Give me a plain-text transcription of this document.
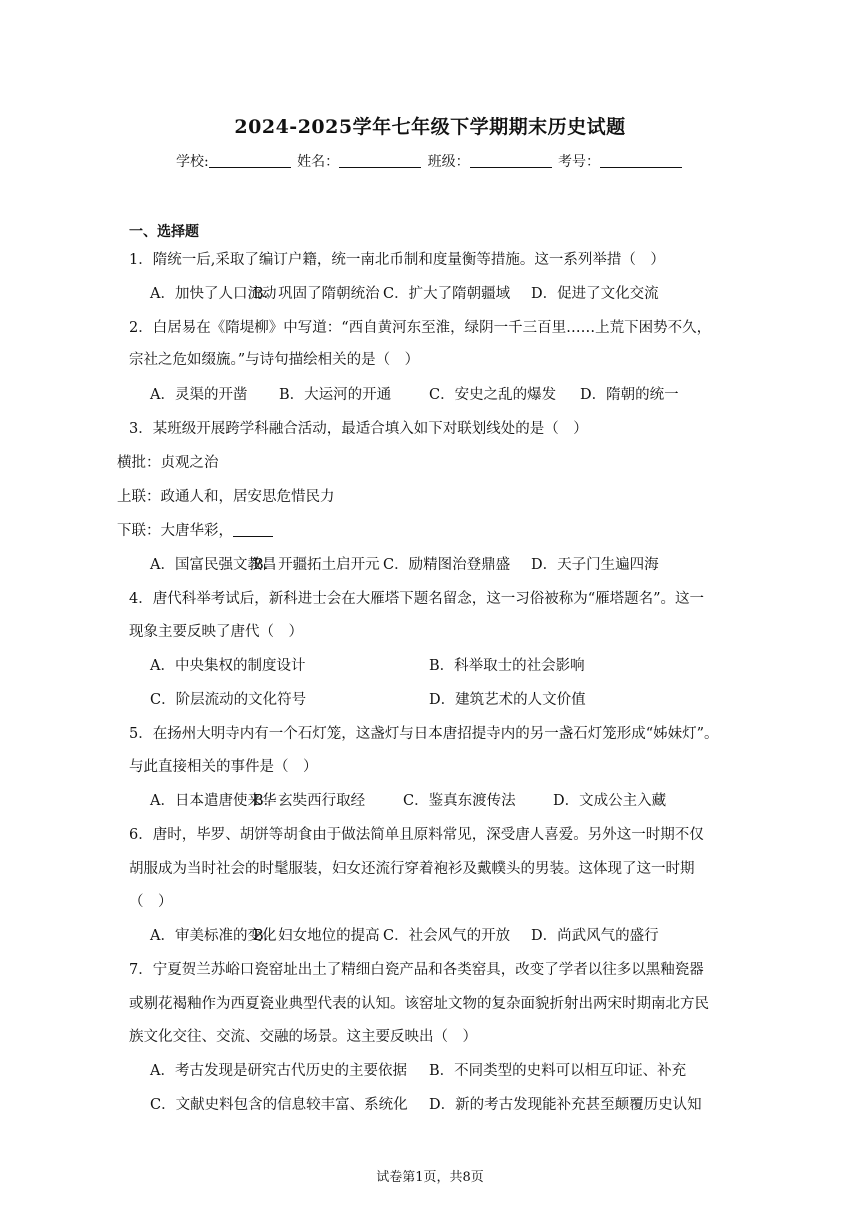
2024-2025学年七年级下学期期末历史试题
学校:	姓名：	班级：	考号：
一、选择题
1．隋统一后,采取了编订户籍，统一南北币制和度量衡等措施。这一系列举措（　）
A．加快了人口流动B．巩固了隋朝统治 C．扩大了隋朝疆域 D．促进了文化交流
2．白居易在《隋堤柳》中写道：“西自黄河东至淮，绿阴一千三百里……上荒下困势不久，
宗社之危如缀旒。”与诗句描绘相关的是（　）
A．灵渠的开凿 B．大运河的开通	C．安史之乱的爆发 D．隋朝的统一
3．某班级开展跨学科融合活动，最适合填入如下对联划线处的是（　）
横批：贞观之治
上联：政通人和，居安思危惜民力
下联：大唐华彩，
A．国富民强文教昌B．开疆拓土启开元 C．励精图治登鼎盛 D．天子门生遍四海
4．唐代科举考试后，新科进士会在大雁塔下题名留念，这一习俗被称为“雁塔题名”。这一
现象主要反映了唐代（　）
A．中央集权的制度设计	B．科举取士的社会影响
C．阶层流动的文化符号	D．建筑艺术的人文价值
5．在扬州大明寺内有一个石灯笼，这盏灯与日本唐招提寺内的另一盏石灯笼形成“姊妹灯”。
与此直接相关的事件是（　）
A．日本遣唐使来华B．玄奘西行取经	C．鉴真东渡传法	D．文成公主入藏
6．唐时，毕罗、胡饼等胡食由于做法简单且原料常见，深受唐人喜爱。另外这一时期不仅
胡服成为当时社会的时髦服装，妇女还流行穿着袍衫及戴幞头的男装。这体现了这一时期
（　）
A．审美标准的变化B．妇女地位的提高 C．社会风气的开放 D．尚武风气的盛行
7．宁夏贺兰苏峪口瓷窑址出土了精细白瓷产品和各类窑具，改变了学者以往多以黑釉瓷器
或剔花褐釉作为西夏瓷业典型代表的认知。该窑址文物的复杂面貌折射出两宋时期南北方民
族文化交往、交流、交融的场景。这主要反映出（　）
A．考古发现是研究古代历史的主要依据 B．不同类型的史料可以相互印证、补充
C．文献史料包含的信息较丰富、系统化 D．新的考古发现能补充甚至颠覆历史认知
试卷第1页，共8页
